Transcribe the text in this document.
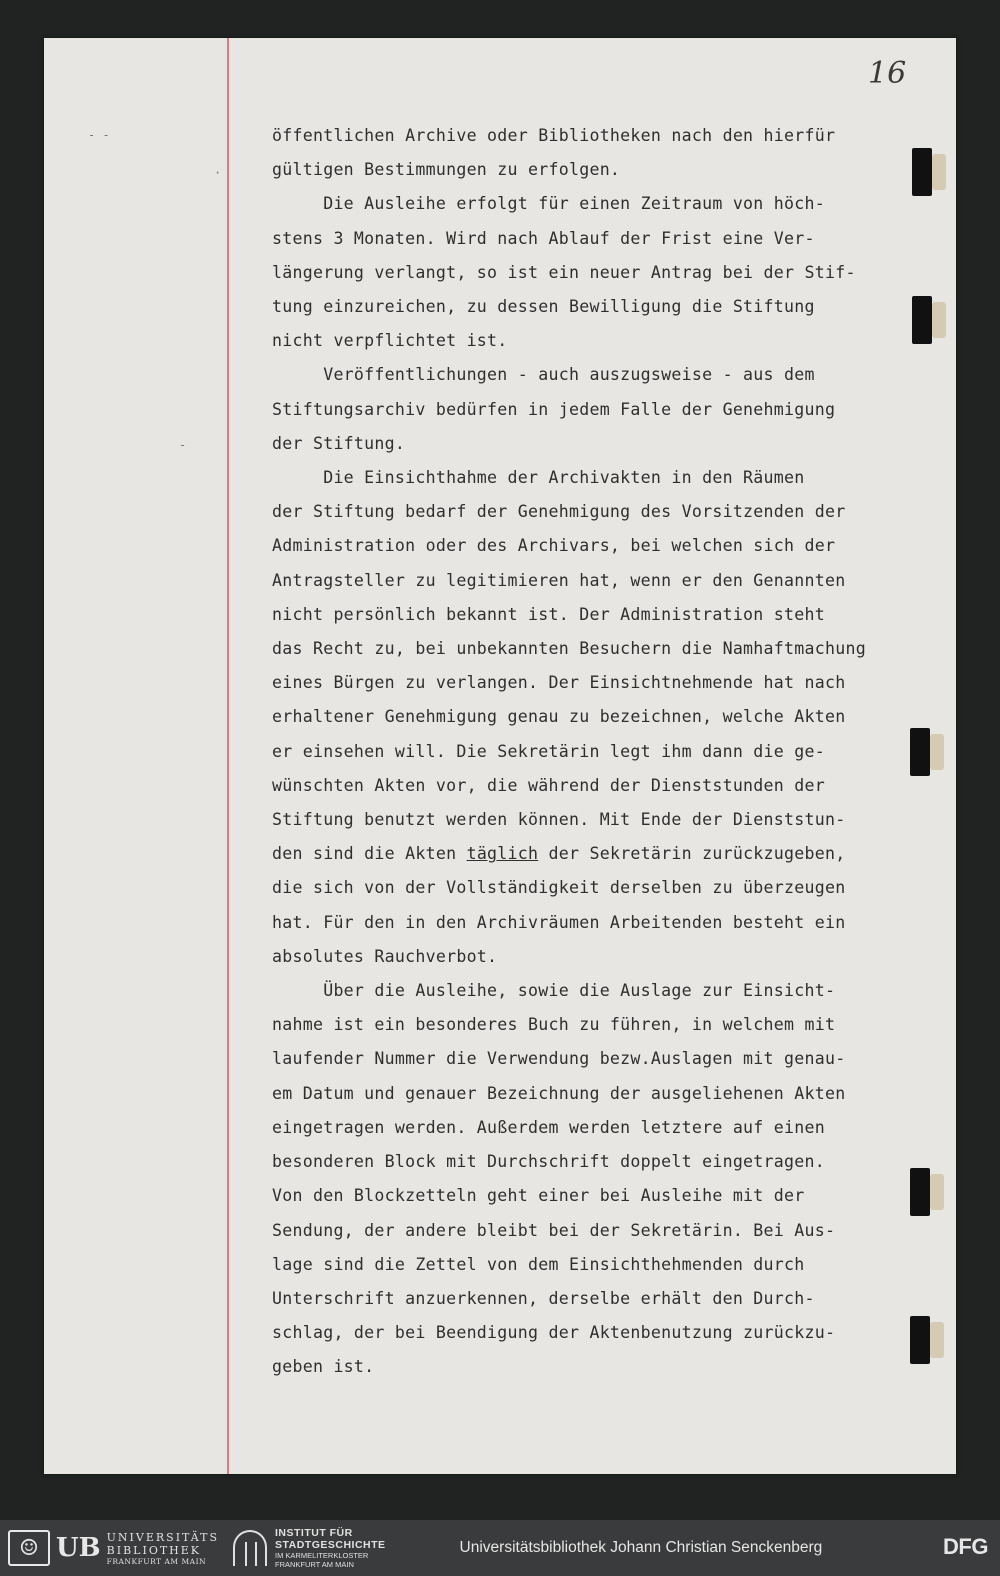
16
- -
·
-
öffentlichen Archive oder Bibliotheken nach den hierfür
gültigen Bestimmungen zu erfolgen.
Die Ausleihe erfolgt für einen Zeitraum von höch-
stens 3 Monaten. Wird nach Ablauf der Frist eine Ver-
längerung verlangt, so ist ein neuer Antrag bei der Stif-
tung einzureichen, zu dessen Bewilligung die Stiftung
nicht verpflichtet ist.
Veröffentlichungen - auch auszugsweise - aus dem
Stiftungsarchiv bedürfen in jedem Falle der Genehmigung
der Stiftung.
Die Einsichthahme der Archivakten in den Räumen
der Stiftung bedarf der Genehmigung des Vorsitzenden der
Administration oder des Archivars, bei welchen sich der
Antragsteller zu legitimieren hat, wenn er den Genannten
nicht persönlich bekannt ist. Der Administration steht
das Recht zu, bei unbekannten Besuchern die Namhaftmachung
eines Bürgen zu verlangen. Der Einsichtnehmende hat nach
erhaltener Genehmigung genau zu bezeichnen, welche Akten
er einsehen will. Die Sekretärin legt ihm dann die ge-
wünschten Akten vor, die während der Dienststunden der
Stiftung benutzt werden können. Mit Ende der Dienststun-
den sind die Akten täglich der Sekretärin zurückzugeben,
die sich von der Vollständigkeit derselben zu überzeugen
hat. Für den in den Archivräumen Arbeitenden besteht ein
absolutes Rauchverbot.
Über die Ausleihe, sowie die Auslage zur Einsicht-
nahme ist ein besonderes Buch zu führen, in welchem mit
laufender Nummer die Verwendung bezw.Auslagen mit genau-
em Datum und genauer Bezeichnung der ausgeliehenen Akten
eingetragen werden. Außerdem werden letztere auf einen
besonderen Block mit Durchschrift doppelt eingetragen.
Von den Blockzetteln geht einer bei Ausleihe mit der
Sendung, der andere bleibt bei der Sekretärin. Bei Aus-
lage sind die Zettel von dem Einsichthehmenden durch
Unterschrift anzuerkennen, derselbe erhält den Durch-
schlag, der bei Beendigung der Aktenbenutzung zurückzu-
geben ist.
☺ UB UNIVERSITÄTS
BIBLIOTHEK
FRANKFURT AM MAIN
INSTITUT FÜR
STADTGESCHICHTE
IM KARMELITERKLOSTER
FRANKFURT AM MAIN
Universitätsbibliothek Johann Christian Senckenberg	DFG
